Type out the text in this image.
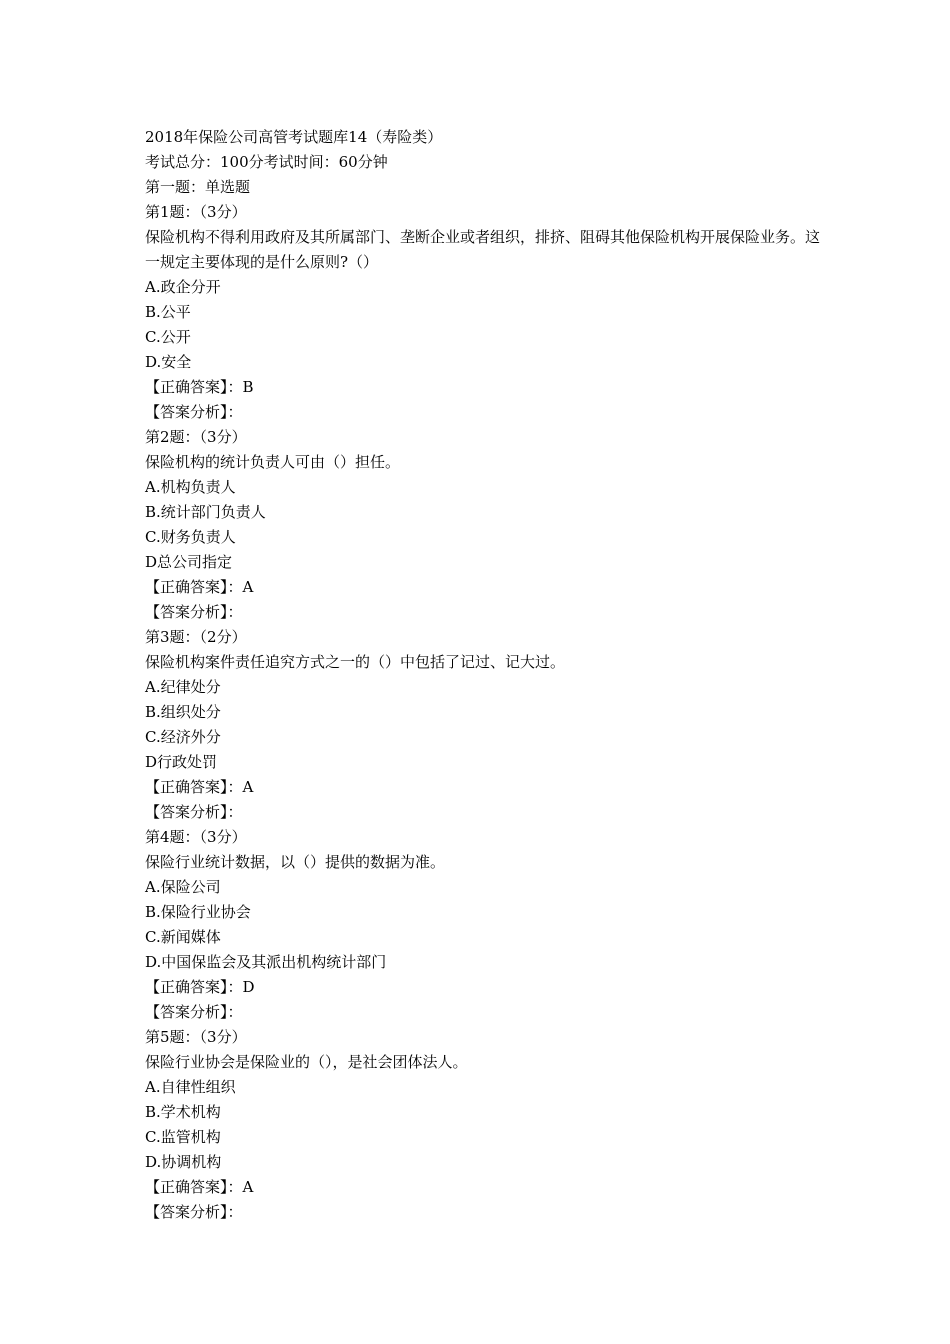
2018年保险公司高管考试题库14（寿险类）
考试总分：100分考试时间：60分钟
第一题：单选题
第1题：（3分）
保险机构不得利用政府及其所属部门、垄断企业或者组织，排挤、阻碍其他保险机构开展保险业务。这一规定主要体现的是什么原则?（）
A.政企分开
B.公平
C.公开
D.安全
【正确答案】：B
【答案分析】：
第2题：（3分）
保险机构的统计负责人可由（）担任。
A.机构负责人
B.统计部门负责人
C.财务负责人
D总公司指定
【正确答案】：A
【答案分析】：
第3题：（2分）
保险机构案件责任追究方式之一的（）中包括了记过、记大过。
A.纪律处分
B.组织处分
C.经济外分
D行政处罚
【正确答案】：A
【答案分析】：
第4题：（3分）
保险行业统计数据，以（）提供的数据为准。
A.保险公司
B.保险行业协会
C.新闻媒体
D.中国保监会及其派出机构统计部门
【正确答案】：D
【答案分析】：
第5题：（3分）
保险行业协会是保险业的（），是社会团体法人。
A.自律性组织
B.学术机构
C.监管机构
D.协调机构
【正确答案】：A
【答案分析】：
